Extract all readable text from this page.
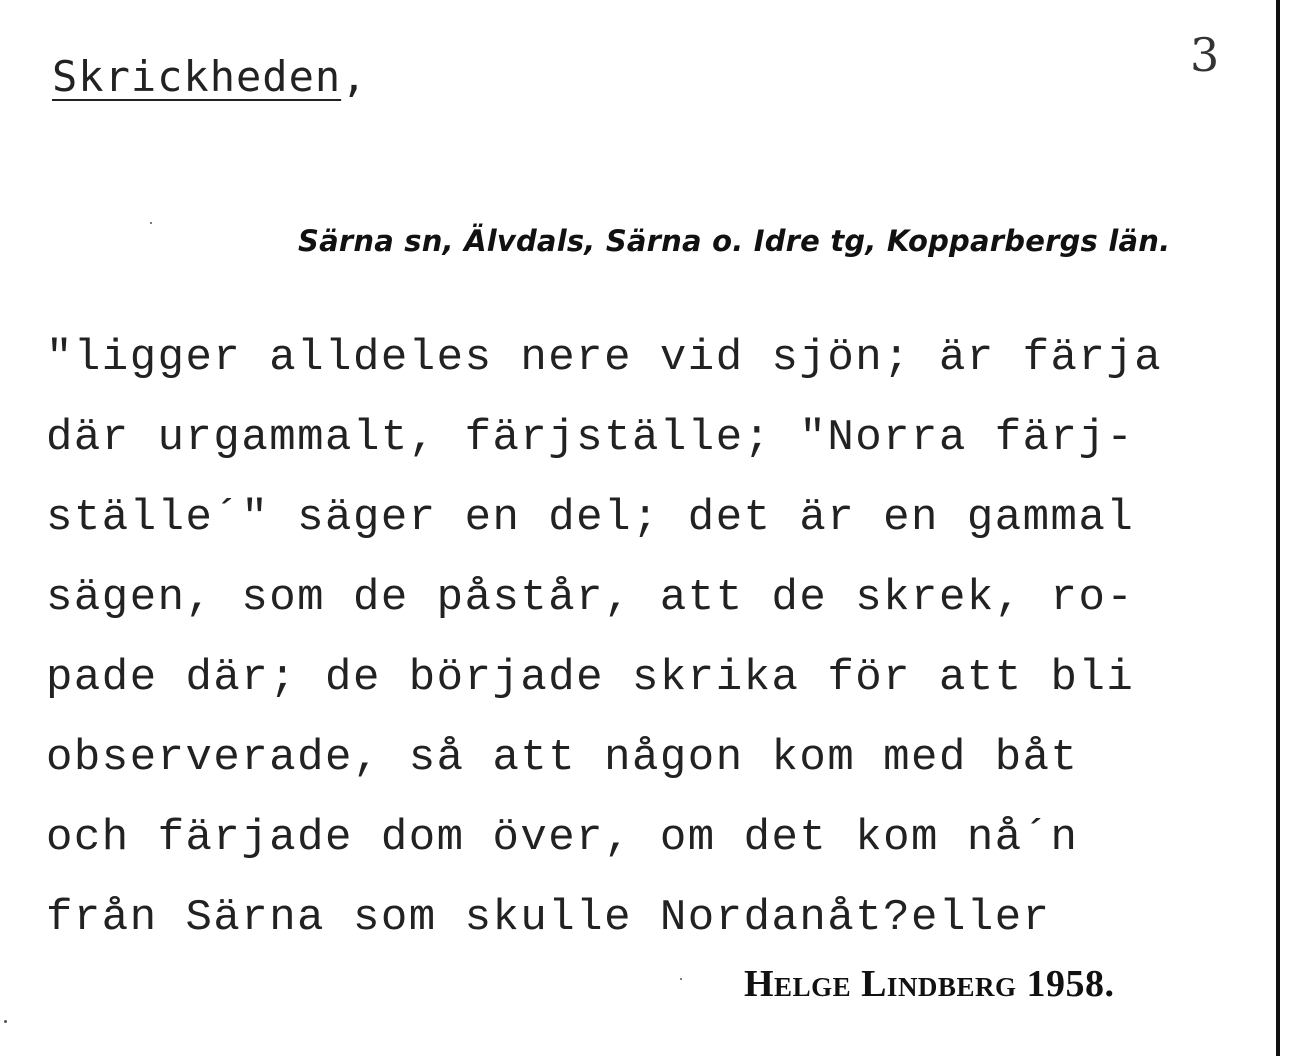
Skrickheden,	3
Särna sn, Älvdals, Särna o. Idre tg, Kopparbergs län.
"ligger alldeles nere vid sjön; är färja
där urgammalt, färjställe; "Norra färj-
ställe´" säger en del; det är en gammal
sägen, som de påstår, att de skrek, ro-
pade där; de började skrika för att bli
observerade, så att någon kom med båt
och färjade dom över, om det kom nå´n
från Särna som skulle Nordanåt?eller
Helge Lindberg 1958.
